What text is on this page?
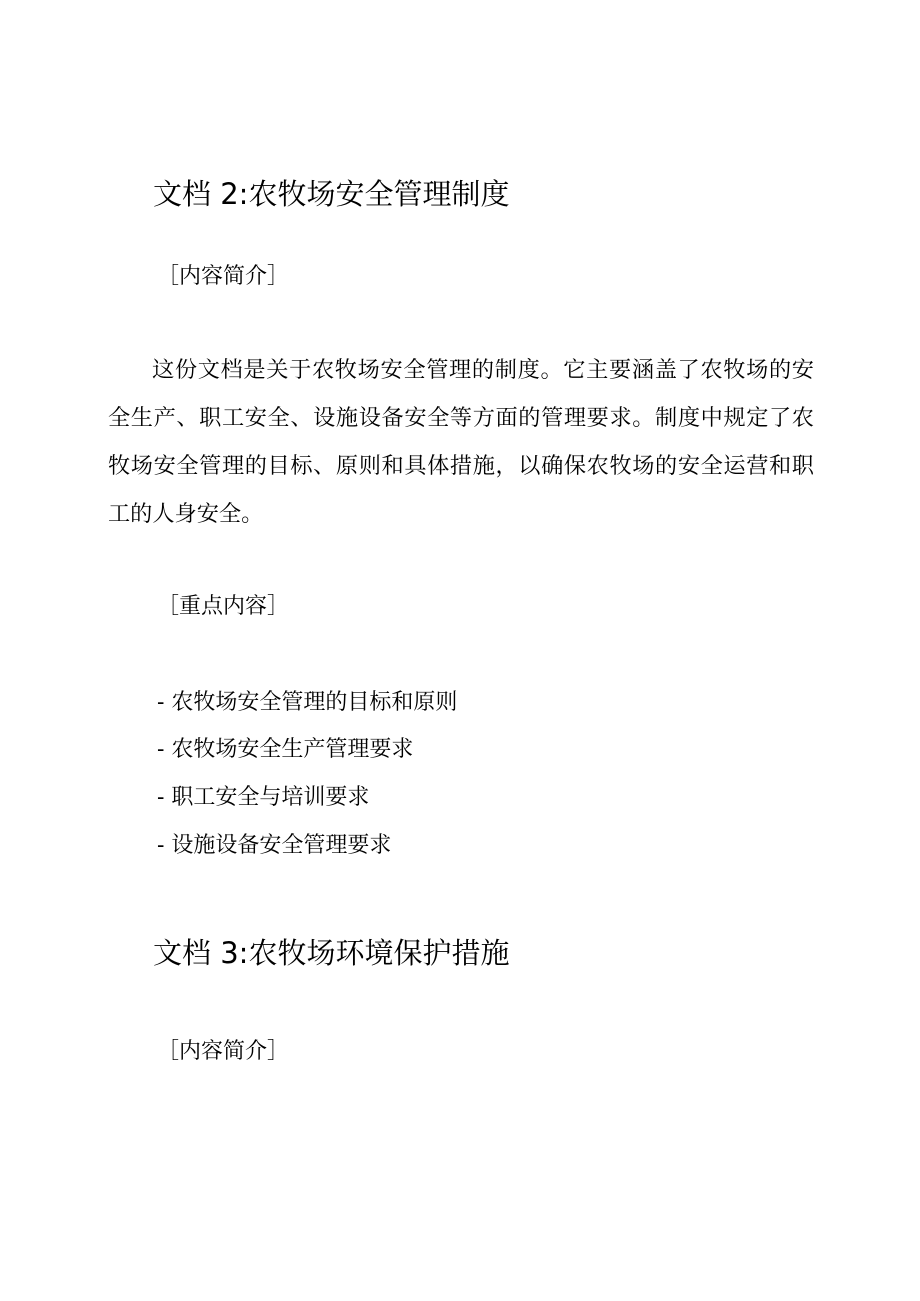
文档 2:农牧场安全管理制度
［内容简介］
这份文档是关于农牧场安全管理的制度。它主要涵盖了农牧场的安全生产、职工安全、设施设备安全等方面的管理要求。制度中规定了农牧场安全管理的目标、原则和具体措施，以确保农牧场的安全运营和职工的人身安全。
［重点内容］
- 农牧场安全管理的目标和原则
- 农牧场安全生产管理要求
- 职工安全与培训要求
- 设施设备安全管理要求
文档 3:农牧场环境保护措施
［内容简介］
